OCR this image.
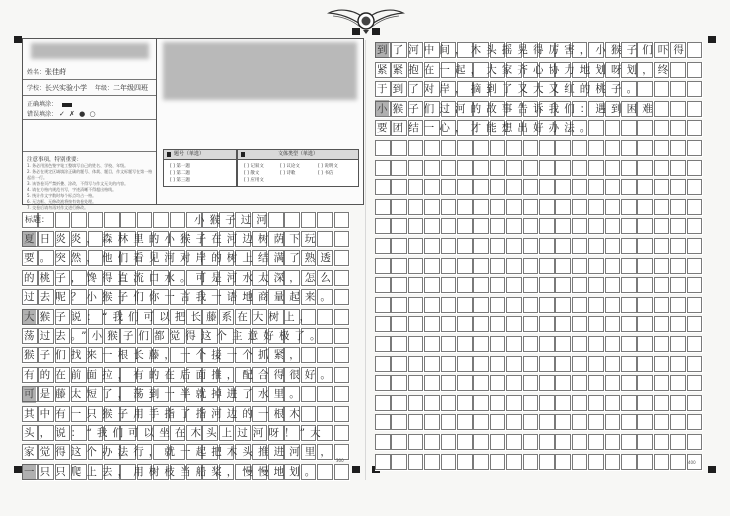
姓名：张佳莳
学校：长兴实验小学 年级：二年级四班
正确填涂：
错误填涂： ✓ ✗ ● ○
注意事项，特别重要：
1. 务必用黑色签字笔工整填写自己的姓名、学校、年级。
2. 务必在规定区域填涂正确的题号、体裁、题目，作文标题写在第一格起首一行。
3. 该答卷页严禁折叠、涂改，不得写与作文无关的内容。
4. 请在方格内规范书写，字迹清晰不得超出格线。
5. 统计作文字数时每个标点均占一格。
6. 无边框、无修改液将按有效卷处理。
7. 交卷后请勿再对作文进行修改。
题号（单选）
[ ] 第一题
[ ] 第二题
[ ] 第三题
文体类型（单选）
[ ] 记叙文	[ ] 议论文	[ ] 说明文
[ ] 散文	[ ] 诗歌	[ ] 书信
[ ] 应用文
标题：	小猴子过河
夏日炎炎，森林里的小猴子在河边树荫下玩
要。突然，他们看见河对岸的树上结满了熟透
的桃子，馋得直流口水。可是河水太深，怎么
过去呢？小猴子们你一言我一语地商量起来。
大猴子说：“我们可以把长藤系在大树上，
荡过去。”小猴子们都觉得这个主意好极了。
猴子们找来一根长藤，一个接一个抓紧，
有的在前面拉，有的在后面推，配合得很好。
可是藤太短了，荡到一半就掉进了水里。
其中有一只猴子用手指了指河边的一根木
头，说：“我们可以坐在木头上过河呀！”大
家觉得这个办法行，就一起把木头推进河里，
一只只爬上去，用树枝当船桨，慢慢地划。
到了河中间，木头摇晃得厉害，小猴子们吓得
紧紧抱在一起，大家齐心协力地划呀划，终
于到了对岸，摘到了又大又红的桃子。
小猴子们过河的故事告诉我们：遇到困难
要团结一心，才能想出好办法。
400
300
